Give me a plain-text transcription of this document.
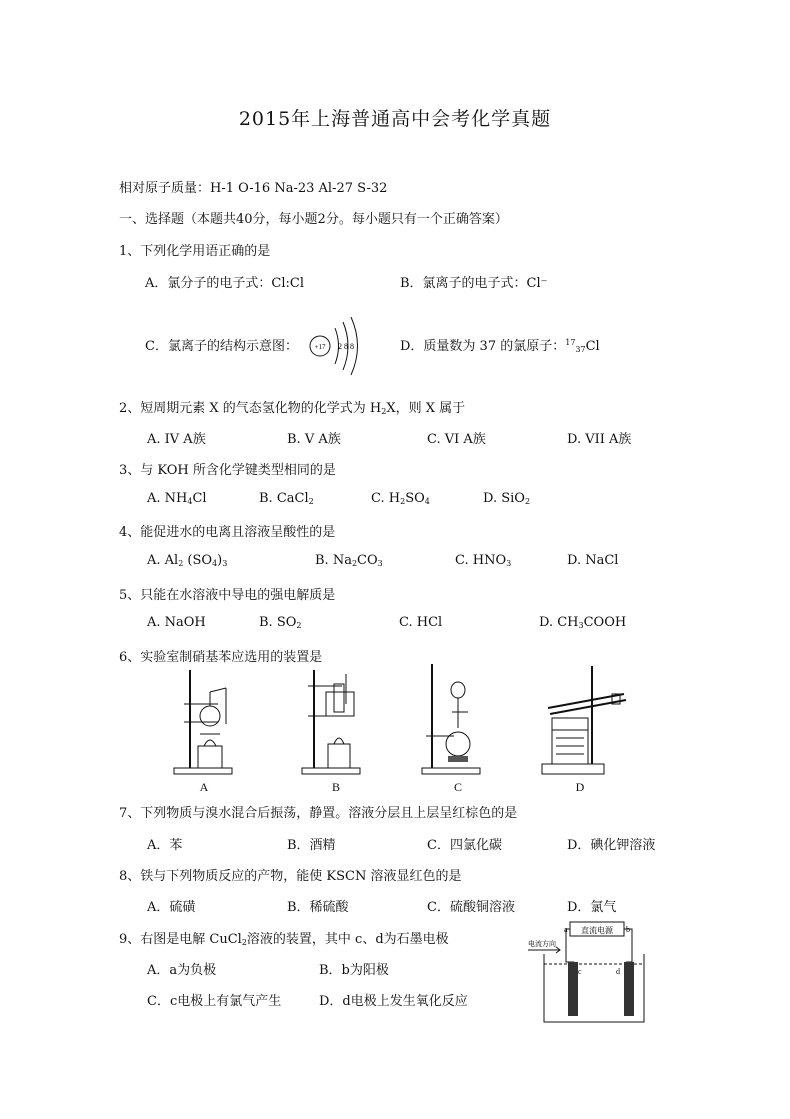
2015年上海普通高中会考化学真题
相对原子质量：H-1 O-16 Na-23 Al-27 S-32
一、选择题（本题共40分，每小题2分。每小题只有一个正确答案）
1、下列化学用语正确的是
A．氯分子的电子式：Cl:Cl	B．氯离子的电子式：Cl⁻
C．氯离子的结构示意图： +17 2 8 8	D．质量数为 37 的氯原子：$^{17}_{37}$Cl
2、短周期元素 X 的气态氢化物的化学式为 $H_2X$，则 X 属于
A. IV A族	B. V A族	C. VI A族	D. VII A族
3、与 KOH 所含化学键类型相同的是
A. $NH_4Cl$	B. CaCl$_2$	C. $H_2SO_4$	D. SiO$_2$
4、能促进水的电离且溶液呈酸性的是
A. $Al_2$ $(SO_4)_3$	B. $Na_2CO_3$	C. $HNO_3$	D. NaCl
5、只能在水溶液中导电的强电解质是
A. NaOH	B. $SO_2$	C. HCl	D. $CH_3COOH$
6、实验室制硝基苯应选用的装置是
A	B	C	D
7、下列物质与溴水混合后振荡，静置。溶液分层且上层呈红棕色的是
A．苯	B．酒精	C．四氯化碳	D．碘化钾溶液
8、铁与下列物质反应的产物，能使 KSCN 溶液显红色的是
A．硫磺	B．稀硫酸	C．硫酸铜溶液	D．氯气
9、右图是电解 CuCl$_2$溶液的装置，其中 c、d为石墨电极
A．a为负极	B．b为阳极
C．c电极上有氯气产生	D．d电极上发生氧化反应
直流电源
a	b
电流方向
c	d
